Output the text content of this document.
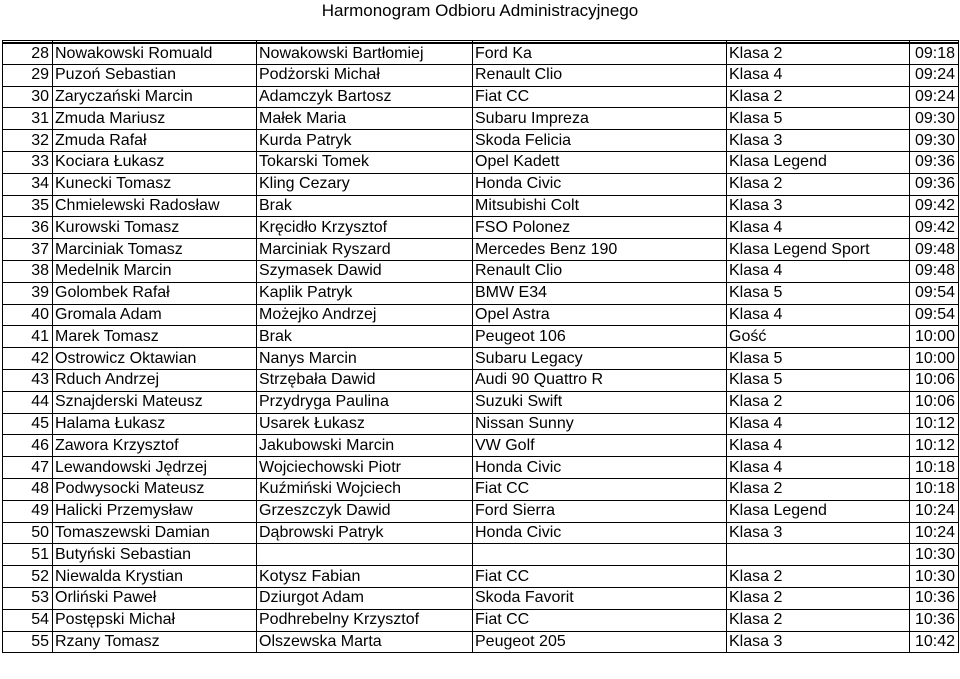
Harmonogram Odbioru Administracyjnego

28	Nowakowski Romuald	Nowakowski Bartłomiej	Ford Ka	Klasa 2	09:18
29	Puzoń Sebastian	Podżorski Michał	Renault Clio	Klasa 4	09:24
30	Zaryczański Marcin	Adamczyk Bartosz	Fiat CC	Klasa 2	09:24
31	Zmuda Mariusz	Małek Maria	Subaru Impreza	Klasa 5	09:30
32	Zmuda Rafał	Kurda Patryk	Skoda Felicia	Klasa 3	09:30
33	Kociara Łukasz	Tokarski Tomek	Opel Kadett	Klasa Legend	09:36
34	Kunecki Tomasz	Kling Cezary	Honda Civic	Klasa 2	09:36
35	Chmielewski Radosław	Brak	Mitsubishi Colt	Klasa 3	09:42
36	Kurowski Tomasz	Kręcidło Krzysztof	FSO Polonez	Klasa 4	09:42
37	Marciniak Tomasz	Marciniak Ryszard	Mercedes Benz 190	Klasa Legend Sport	09:48
38	Medelnik Marcin	Szymasek Dawid	Renault Clio	Klasa 4	09:48
39	Golombek Rafał	Kaplik Patryk	BMW E34	Klasa 5	09:54
40	Gromala Adam	Możejko Andrzej	Opel Astra	Klasa 4	09:54
41	Marek Tomasz	Brak	Peugeot 106	Gość	10:00
42	Ostrowicz Oktawian	Nanys Marcin	Subaru Legacy	Klasa 5	10:00
43	Rduch Andrzej	Strzębała Dawid	Audi 90 Quattro R	Klasa 5	10:06
44	Sznajderski Mateusz	Przydryga Paulina	Suzuki Swift	Klasa 2	10:06
45	Halama Łukasz	Usarek Łukasz	Nissan Sunny	Klasa 4	10:12
46	Zawora Krzysztof	Jakubowski Marcin	VW Golf	Klasa 4	10:12
47	Lewandowski Jędrzej	Wojciechowski Piotr	Honda Civic	Klasa 4	10:18
48	Podwysocki Mateusz	Kuźmiński Wojciech	Fiat CC	Klasa 2	10:18
49	Halicki Przemysław	Grzeszczyk Dawid	Ford Sierra	Klasa Legend	10:24
50	Tomaszewski Damian	Dąbrowski Patryk	Honda Civic	Klasa 3	10:24
51	Butyński Sebastian				10:30
52	Niewalda Krystian	Kotysz Fabian	Fiat CC	Klasa 2	10:30
53	Orliński Paweł	Dziurgot Adam	Skoda Favorit	Klasa 2	10:36
54	Postępski Michał	Podhrebelny Krzysztof	Fiat CC	Klasa 2	10:36
55	Rzany Tomasz	Olszewska Marta	Peugeot 205	Klasa 3	10:42
